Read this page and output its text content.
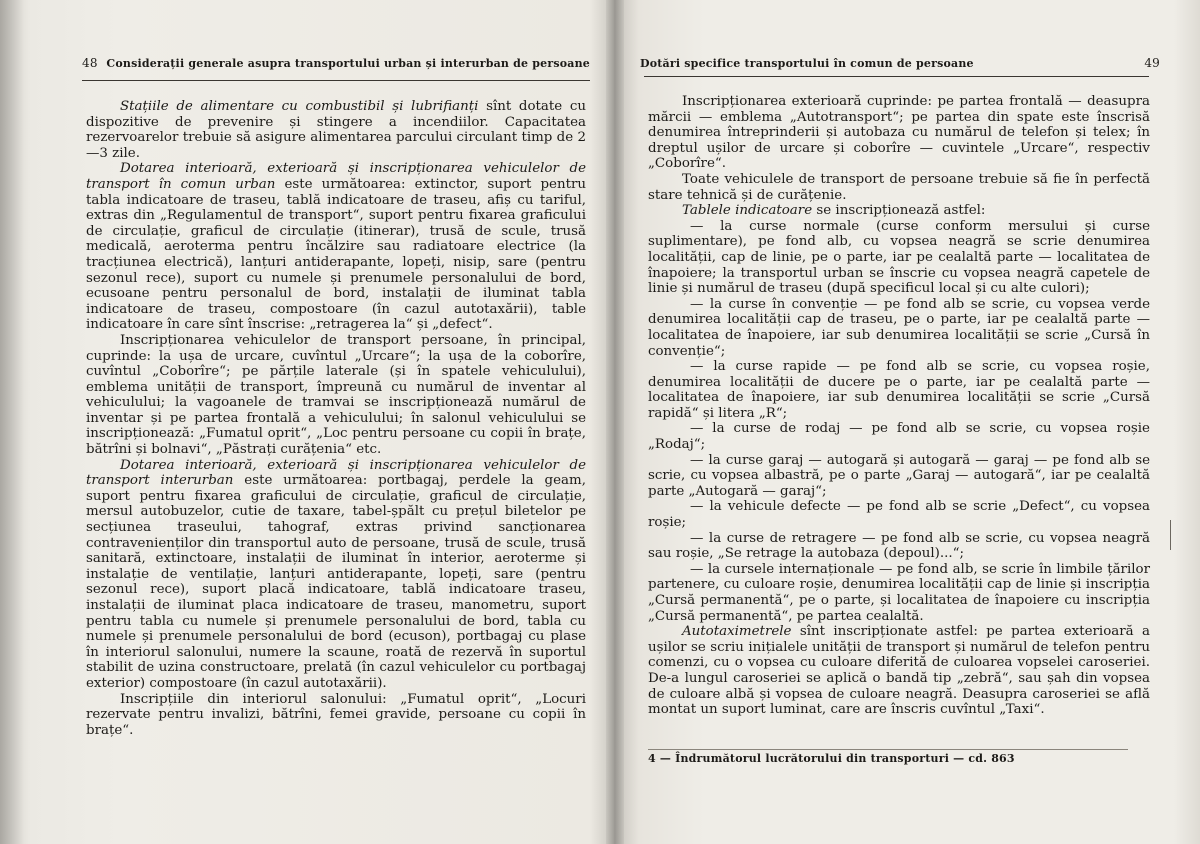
48 Considerații generale asupra transportului urban și interurban de persoane

Stațiile de alimentare cu combustibil și lubrifianți sînt dotate cu dispozitive de prevenire și stingere a incendiilor. Capacitatea rezervoarelor trebuie să asigure alimentarea parcului circulant timp de 2—3 zile.

Dotarea interioară, exterioară și inscripționarea vehiculelor de transport în comun urban este următoarea: extinctor, suport pentru tabla indicatoare de traseu, tablă indicatoare de traseu, afiș cu tariful, extras din „Regulamentul de transport“, suport pentru fixarea graficului de circulație, graficul de circulație (itinerar), trusă de scule, trusă medicală, aeroterma pentru încălzire sau radiatoare electrice (la tracțiunea electrică), lanțuri antiderapante, lopeți, nisip, sare (pentru sezonul rece), suport cu numele și prenumele personalului de bord, ecusoane pentru personalul de bord, instalații de iluminat tabla indicatoare de traseu, compostoare (în cazul autotaxării), table indicatoare în care sînt înscrise: „retragerea la“ și „defect“.

Inscripționarea vehiculelor de transport persoane, în principal, cuprinde: la ușa de urcare, cuvîntul „Urcare“; la ușa de la coborîre, cuvîntul „Coborîre“; pe părțile laterale (și în spatele vehiculului), emblema unității de transport, împreună cu numărul de inventar al vehiculului; la vagoanele de tramvai se inscripționează numărul de inventar și pe partea frontală a vehiculului; în salonul vehiculului se inscripționează: „Fumatul oprit“, „Loc pentru persoane cu copii în brațe, bătrîni și bolnavi“, „Păstrați curățenia“ etc.

Dotarea interioară, exterioară și inscripționarea vehiculelor de transport interurban este următoarea: portbagaj, perdele la geam, suport pentru fixarea graficului de circulație, graficul de circulație, mersul autobuzelor, cutie de taxare, tabel-șpălt cu prețul biletelor pe secțiunea traseului, tahograf, extras privind sancționarea contravenienților din transportul auto de persoane, trusă de scule, trusă sanitară, extinctoare, instalații de iluminat în interior, aeroterme și instalație de ventilație, lanțuri antiderapante, lopeți, sare (pentru sezonul rece), suport placă indicatoare, tablă indicatoare traseu, instalații de iluminat placa indicatoare de traseu, manometru, suport pentru tabla cu numele și prenumele personalului de bord, tabla cu numele și prenumele personalului de bord (ecuson), portbagaj cu plase în interiorul salonului, numere la scaune, roată de rezervă în suportul stabilit de uzina constructoare, prelată (în cazul vehiculelor cu portbagaj exterior) compostoare (în cazul autotaxării).

Inscripțiile din interiorul salonului: „Fumatul oprit“, „Locuri rezervate pentru invalizi, bătrîni, femei gravide, persoane cu copii în brațe“.

Dotări specifice transportului în comun de persoane	49

Inscripționarea exterioară cuprinde: pe partea frontală — deasupra mărcii — emblema „Autotransport“; pe partea din spate este înscrisă denumirea întreprinderii și autobaza cu numărul de telefon și telex; în dreptul ușilor de urcare și coborîre — cuvintele „Urcare“, respectiv „Coborîre“.

Toate vehiculele de transport de persoane trebuie să fie în perfectă stare tehnică și de curățenie.

Tablele indicatoare se inscripționează astfel:

— la curse normale (curse conform mersului și curse suplimentare), pe fond alb, cu vopsea neagră se scrie denumirea localității, cap de linie, pe o parte, iar pe cealaltă parte — localitatea de înapoiere; la transportul urban se înscrie cu vopsea neagră capetele de linie și numărul de traseu (după specificul local și cu alte culori);

— la curse în convenție — pe fond alb se scrie, cu vopsea verde denumirea localității cap de traseu, pe o parte, iar pe cealaltă parte — localitatea de înapoiere, iar sub denumirea localității se scrie „Cursă în convenție“;

— la curse rapide — pe fond alb se scrie, cu vopsea roșie, denumirea localității de ducere pe o parte, iar pe cealaltă parte — localitatea de înapoiere, iar sub denumirea localității se scrie „Cursă rapidă“ și litera „R“;

— la curse de rodaj — pe fond alb se scrie, cu vopsea roșie „Rodaj“;

— la curse garaj — autogară și autogară — garaj — pe fond alb se scrie, cu vopsea albastră, pe o parte „Garaj — autogară“, iar pe cealaltă parte „Autogară — garaj“;

— la vehicule defecte — pe fond alb se scrie „Defect“, cu vopsea roșie;

— la curse de retragere — pe fond alb se scrie, cu vopsea neagră sau roșie, „Se retrage la autobaza (depoul)...“;

— la cursele internaționale — pe fond alb, se scrie în limbile țărilor partenere, cu culoare roșie, denumirea localității cap de linie și inscripția „Cursă permanentă“, pe o parte, și localitatea de înapoiere cu inscripția „Cursă permanentă“, pe partea cealaltă.

Autotaximetrele sînt inscripționate astfel: pe partea exterioară a ușilor se scriu inițialele unității de transport și numărul de telefon pentru comenzi, cu o vopsea cu culoare diferită de culoarea vopselei caroseriei. De-a lungul caroseriei se aplică o bandă tip „zebră“, sau șah din vopsea de culoare albă și vopsea de culoare neagră. Deasupra caroseriei se află montat un suport luminat, care are înscris cuvîntul „Taxi“.

4 — Îndrumătorul lucrătorului din transporturi — cd. 863
